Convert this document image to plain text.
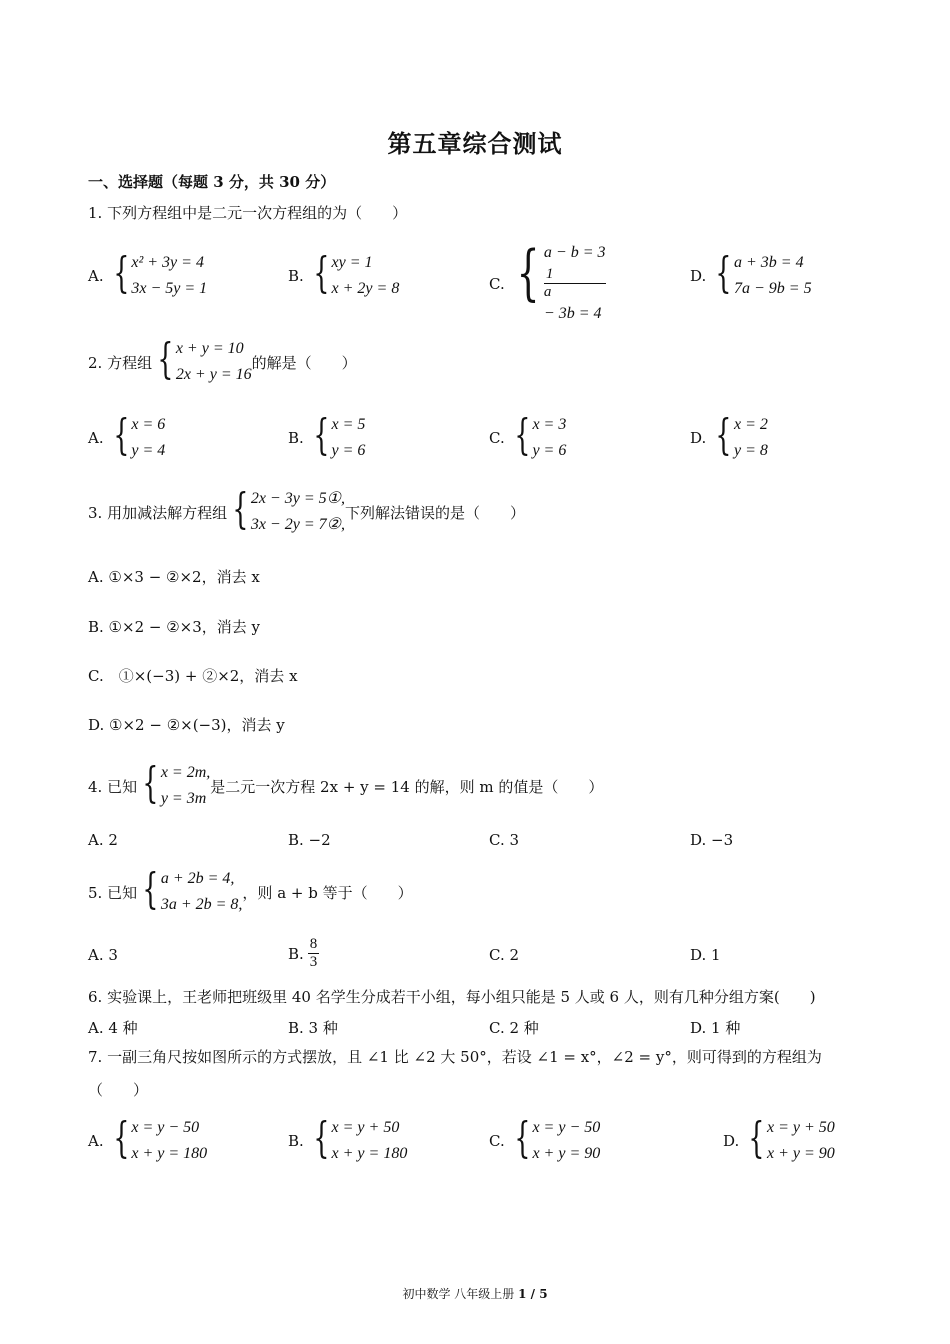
第五章综合测试
一、选择题（每题 3 分，共 30 分）
1. 下列方程组中是二元一次方程组的为（　　）
A. { x² + 3y = 4
3x − 5y = 1
B. { xy = 1
x + 2y = 8	C. { a − b = 3
1
a
− 3b = 4
D. { a + 3b = 4
7a − 9b = 5
2. 方程组 { x + y = 10
2x + y = 16
的解是（　　）
A. { x = 6
y = 4
B. { x = 5
y = 6
C. { x = 3
y = 6
D. { x = 2
y = 8
3. 用加减法解方程组 { 2x − 3y = 5①,
3x − 2y = 7②,
下列解法错误的是（　　）
A. ①×3 − ②×2，消去 x
B. ①×2 − ②×3，消去 y
C.　①×(−3) + ②×2，消去 x
D. ①×2 − ②×(−3)，消去 y
4. 已知 { x = 2m,
y = 3m
是二元一次方程 2x + y = 14 的解，则 m 的值是（　　）
A. 2	B. −2	C. 3	D. −3
5. 已知 { a + 2b = 4,
3a + 2b = 8,
，则 a + b 等于（　　）
A. 3	B. $\frac{8}{3}$	C. 2	D. 1
6. 实验课上，王老师把班级里 40 名学生分成若干小组，每小组只能是 5 人或 6 人，则有几种分组方案(　　)
A. 4 种	B. 3 种	C. 2 种	D. 1 种
7. 一副三角尺按如图所示的方式摆放，且 ∠1 比 ∠2 大 50°，若设 ∠1 = x°，∠2 = y°，则可得到的方程组为
（　　）
A. { x = y − 50
x + y = 180
B. { x = y + 50
x + y = 180
C. { x = y − 50
x + y = 90
D. { x = y + 50
x + y = 90
初中数学 八年级上册 1 / 5
